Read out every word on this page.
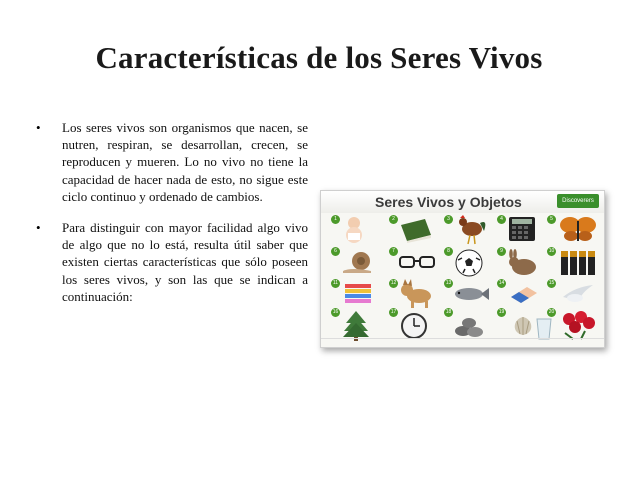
Características de los Seres Vivos
•	Los seres vivos son organismos que nacen, se nutren, respiran, se desarrollan, crecen, se reproducen y mueren. Lo no vivo no tiene la capacidad de hacer nada de esto, no sigue este ciclo continuo y ordenado de cambios.
•	Para distinguir con mayor facilidad algo vivo de algo que no lo está, resulta útil saber que existen ciertas características que sólo poseen los seres vivos, y son las que se indican a continuación:
Seres Vivos y Objetos	Discoverers
1	2	3	4	5
6	7	8	9	10
11	12	13	14	15
16	17	18	19	20
